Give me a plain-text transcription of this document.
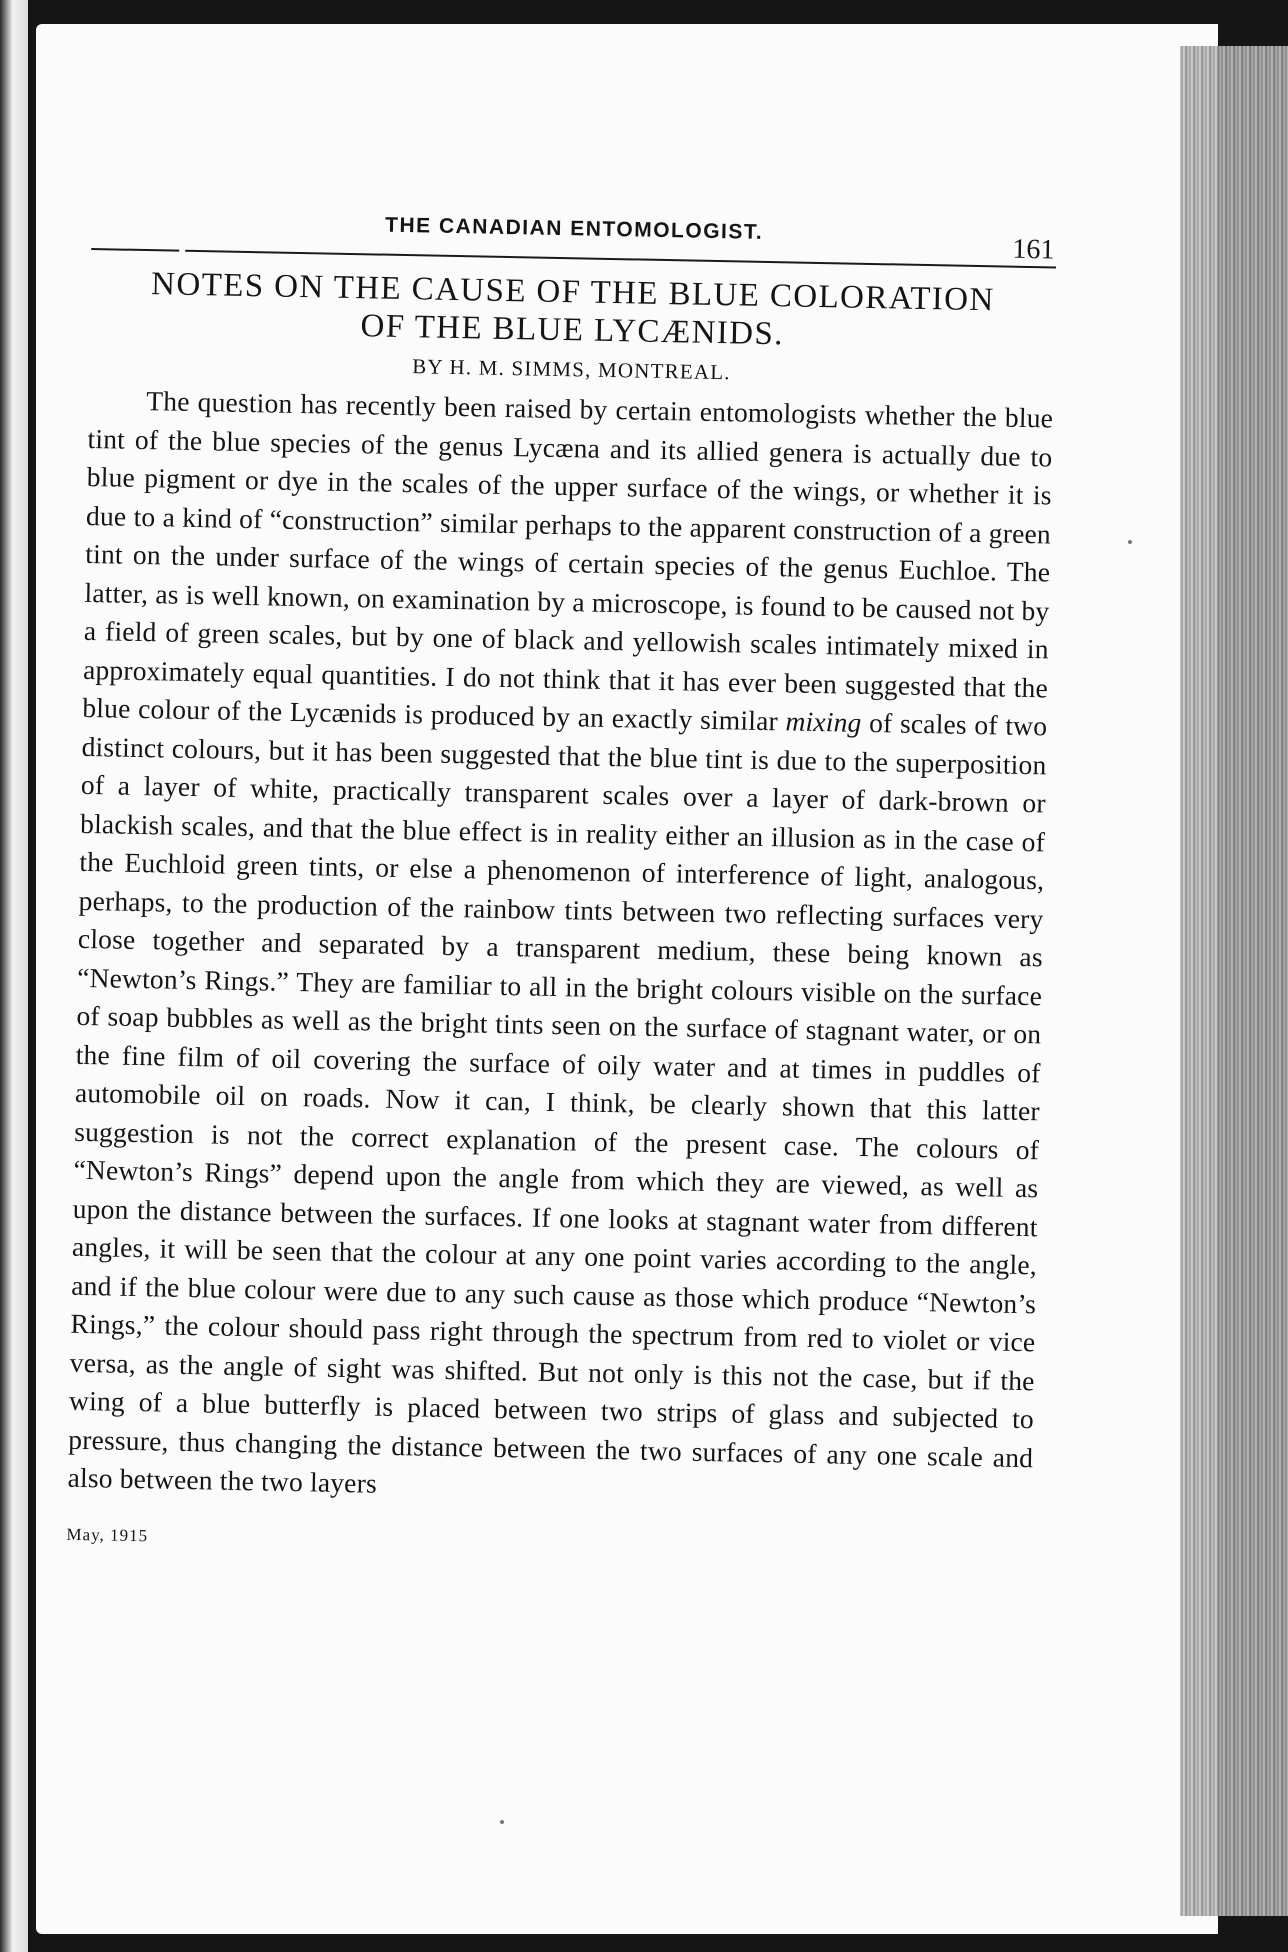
THE CANADIAN ENTOMOLOGIST.
161
NOTES ON THE CAUSE OF THE BLUE COLORATION
OF THE BLUE LYCÆNIDS.
BY H. M. SIMMS, MONTREAL.

The question has recently been raised by certain entomologists whether the blue tint of the blue species of the genus Lycæna and its allied genera is actually due to blue pigment or dye in the scales of the upper surface of the wings, or whether it is due to a kind of “construction” similar perhaps to the apparent construction of a green tint on the under surface of the wings of certain species of the genus Euchloe. The latter, as is well known, on examination by a microscope, is found to be caused not by a field of green scales, but by one of black and yellowish scales intimately mixed in approximately equal quantities. I do not think that it has ever been suggested that the blue colour of the Lycænids is produced by an exactly similar mixing of scales of two distinct colours, but it has been suggested that the blue tint is due to the superposition of a layer of white, practically transparent scales over a layer of dark-brown or blackish scales, and that the blue effect is in reality either an illusion as in the case of the Euchloid green tints, or else a phenomenon of interference of light, analogous, perhaps, to the production of the rainbow tints between two reflecting surfaces very close together and separated by a transparent medium, these being known as “Newton’s Rings.” They are familiar to all in the bright colours visible on the surface of soap bubbles as well as the bright tints seen on the surface of stagnant water, or on the fine film of oil covering the surface of oily water and at times in puddles of automobile oil on roads. Now it can, I think, be clearly shown that this latter suggestion is not the correct explanation of the present case. The colours of “Newton’s Rings” depend upon the angle from which they are viewed, as well as upon the distance between the surfaces. If one looks at stagnant water from different angles, it will be seen that the colour at any one point varies according to the angle, and if the blue colour were due to any such cause as those which produce “Newton’s Rings,” the colour should pass right through the spectrum from red to violet or vice versa, as the angle of sight was shifted. But not only is this not the case, but if the wing of a blue butterfly is placed between two strips of glass and subjected to pressure, thus changing the distance between the two surfaces of any one scale and also between the two layers

May, 1915
